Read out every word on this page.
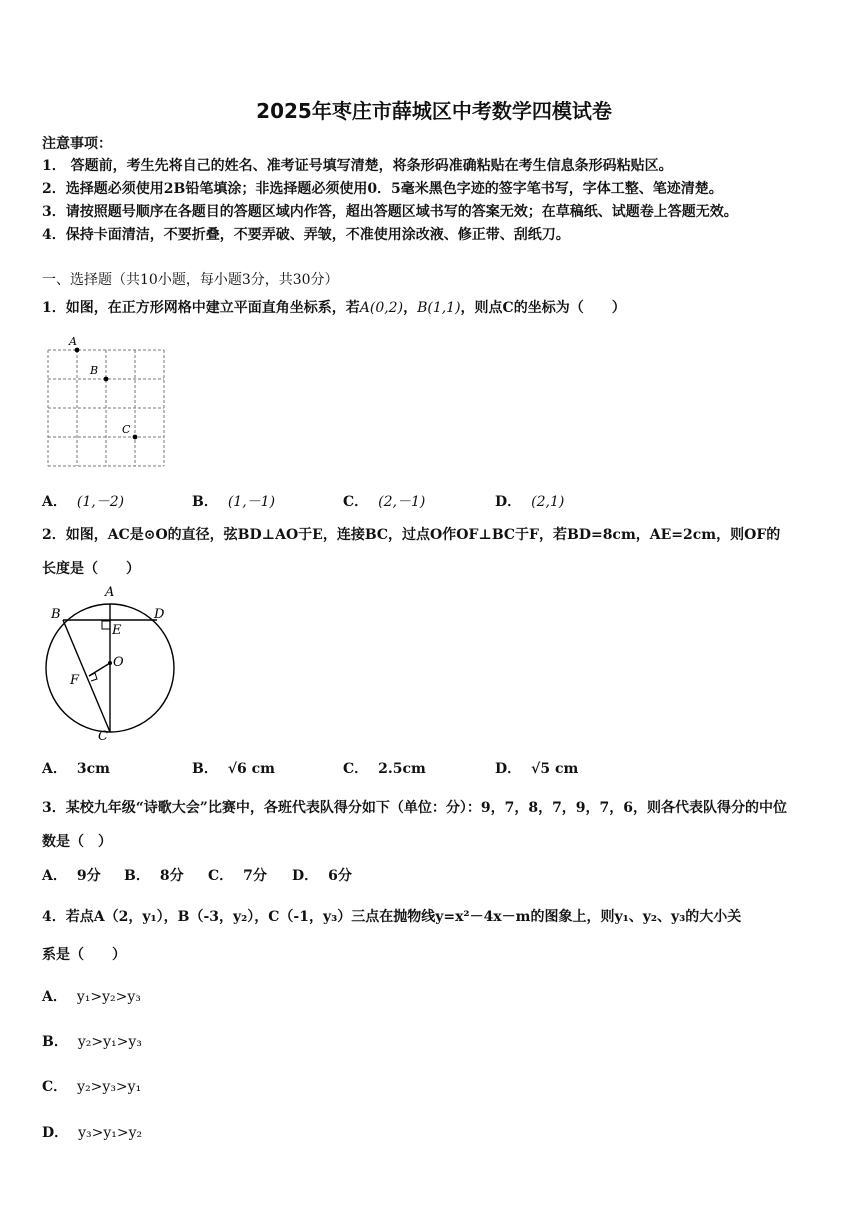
2025年枣庄市薛城区中考数学四模试卷
注意事项：
1． 答题前，考生先将自己的姓名、准考证号填写清楚，将条形码准确粘贴在考生信息条形码粘贴区。
2．选择题必须使用2B铅笔填涂；非选择题必须使用0．5毫米黑色字迹的签字笔书写，字体工整、笔迹清楚。
3．请按照题号顺序在各题目的答题区域内作答，超出答题区域书写的答案无效；在草稿纸、试题卷上答题无效。
4．保持卡面清洁，不要折叠，不要弄破、弄皱，不准使用涂改液、修正带、刮纸刀。
一、选择题（共10小题，每小题3分，共30分）
1．如图，在正方形网格中建立平面直角坐标系，若A(0,2)，B(1,1)，则点C的坐标为（　　）
A
B
C
A． (1,－2)	B． (1,－1)	C． (2,－1)	D． (2,1)
2．如图，AC是⊙O的直径，弦BD⊥AO于E，连接BC，过点O作OF⊥BC于F，若BD=8cm，AE=2cm，则OF的
长度是（　　）
A
B	D
E
O
F
C
A． 3cm	B． √6 cm	C． 2.5cm	D． √5 cm
3．某校九年级“诗歌大会”比赛中，各班代表队得分如下（单位：分）：9，7，8，7，9，7，6，则各代表队得分的中位
数是（　）
A． 9分 B． 8分 C． 7分 D． 6分
4．若点A（2，y₁），B（-3，y₂），C（-1，y₃）三点在抛物线y=x²－4x－m的图象上，则y₁、y₂、y₃的大小关
系是（　　）
A． y₁>y₂>y₃
B． y₂>y₁>y₃
C． y₂>y₃>y₁
D． y₃>y₁>y₂
